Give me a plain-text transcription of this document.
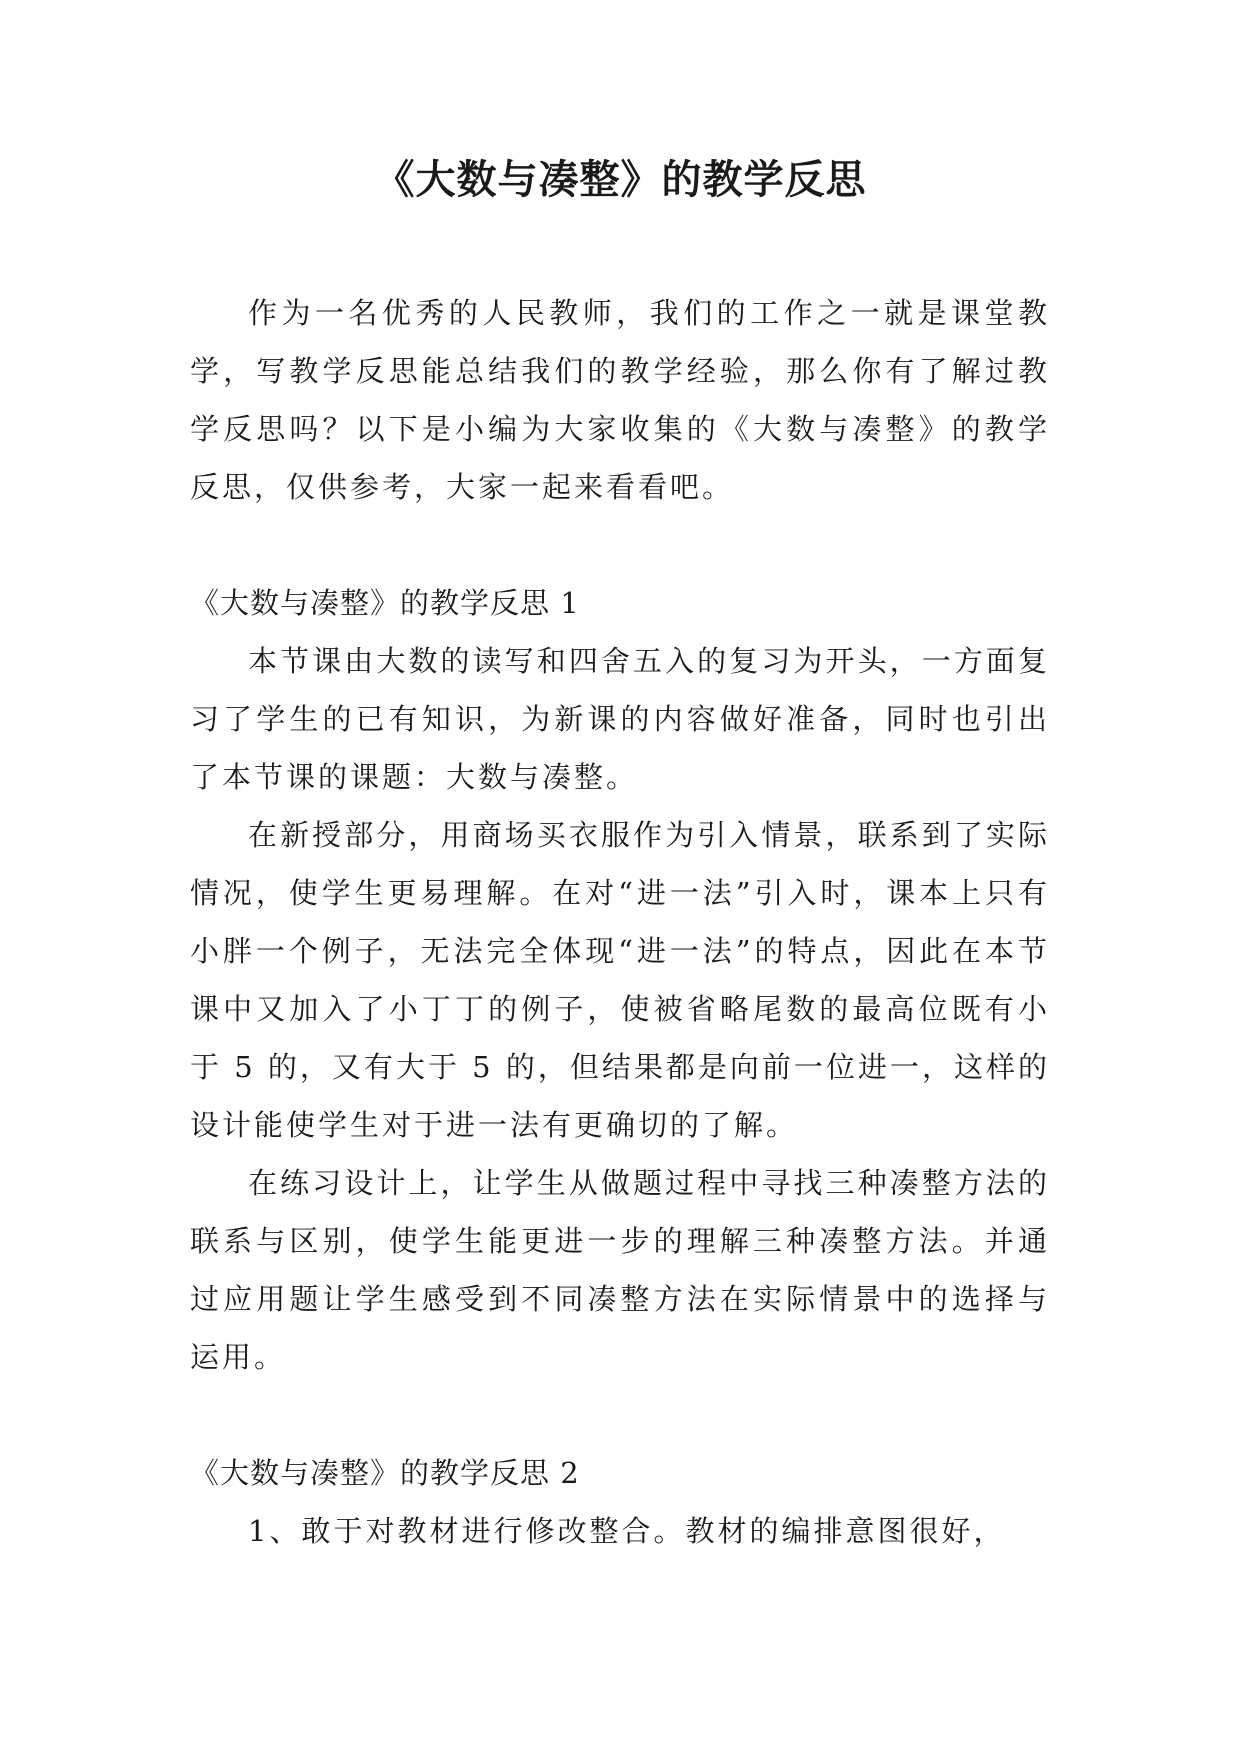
《大数与凑整》的教学反思

作为一名优秀的人民教师，我们的工作之一就是课堂教学，写教学反思能总结我们的教学经验，那么你有了解过教学反思吗？以下是小编为大家收集的《大数与凑整》的教学反思，仅供参考，大家一起来看看吧。

《大数与凑整》的教学反思 1

本节课由大数的读写和四舍五入的复习为开头，一方面复习了学生的已有知识，为新课的内容做好准备，同时也引出了本节课的课题：大数与凑整。

在新授部分，用商场买衣服作为引入情景，联系到了实际情况，使学生更易理解。在对“进一法”引入时，课本上只有小胖一个例子，无法完全体现“进一法”的特点，因此在本节课中又加入了小丁丁的例子，使被省略尾数的最高位既有小于 5 的，又有大于 5 的，但结果都是向前一位进一，这样的设计能使学生对于进一法有更确切的了解。

在练习设计上，让学生从做题过程中寻找三种凑整方法的联系与区别，使学生能更进一步的理解三种凑整方法。并通过应用题让学生感受到不同凑整方法在实际情景中的选择与运用。

《大数与凑整》的教学反思 2

1、敢于对教材进行修改整合。教材的编排意图很好，
